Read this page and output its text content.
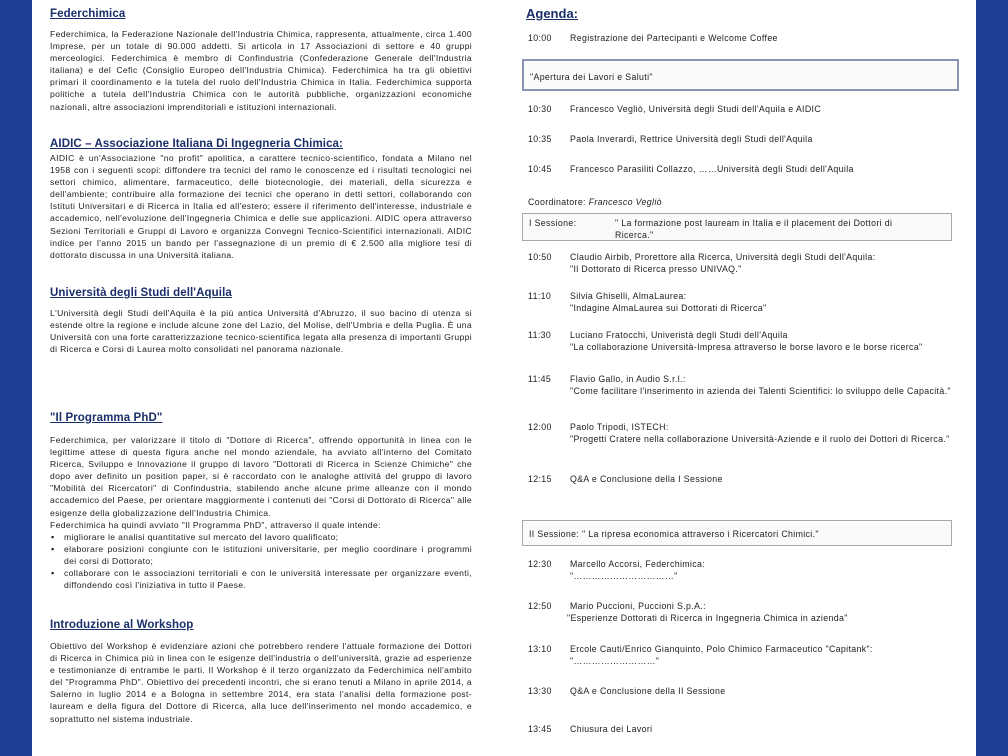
Federchimica
Federchimica, la Federazione Nazionale dell'Industria Chimica, rappresenta, attualmente, circa 1.400 Imprese, per un totale di 90.000 addetti. Si articola in 17 Associazioni di settore e 40 gruppi merceologici. Federchimica è membro di Confindustria (Confederazione Generale dell'Industria italiana) e del Cefic (Consiglio Europeo dell'Industria Chimica). Federchimica ha tra gli obiettivi primari il coordinamento e la tutela del ruolo dell'Industria Chimica in Italia. Federchimica supporta politiche a tutela dell'Industria Chimica con le autorità pubbliche, organizzazioni economiche nazionali, altre associazioni imprenditoriali e istituzioni internazionali.
AIDIC – Associazione Italiana Di Ingegneria Chimica:
AIDIC è un'Associazione "no profit" apolitica, a carattere tecnico-scientifico, fondata a Milano nel 1958 con i seguenti scopi: diffondere tra tecnici del ramo le conoscenze ed i risultati tecnologici nei settori chimico, alimentare, farmaceutico, delle biotecnologie, dei materiali, della sicurezza e dell'ambiente; contribuire alla formazione dei tecnici che operano in detti settori, collaborando con Istituti Universitari e di Ricerca in Italia ed all'estero; essere il riferimento dell'interesse, industriale e accademico, nell'evoluzione dell'Ingegneria Chimica e delle sue applicazioni. AIDIC opera attraverso Sezioni Territoriali e Gruppi di Lavoro e organizza Convegni Tecnico-Scientifici internazionali. AIDIC indice per l'anno 2015 un bando per l'assegnazione di un premio di € 2.500 alla migliore tesi di dottorato discussa in una Università italiana.
Università degli Studi dell'Aquila
L'Università degli Studi dell'Aquila è la più antica Università d'Abruzzo, il suo bacino di utenza si estende oltre la regione e include alcune zone del Lazio, del Molise, dell'Umbria e della Puglia. È una Università con una forte caratterizzazione tecnico-scientifica legata alla presenza di importanti Gruppi di Ricerca e Corsi di Laurea molto consolidati nel panorama nazionale.
"Il Programma PhD"
Federchimica, per valorizzare il titolo di "Dottore di Ricerca", offrendo opportunità in linea con le legittime attese di questa figura anche nel mondo aziendale, ha avviato all'interno del Comitato Ricerca, Sviluppo e Innovazione il gruppo di lavoro "Dottorati di Ricerca in Scienze Chimiche" che dopo aver definito un position paper, si è raccordato con le analoghe attività del gruppo di lavoro "Mobilità dei Ricercatori" di Confindustria, stabilendo anche alcune prime alleanze con il mondo accademico del Paese, per orientare maggiormente i contenuti dei "Corsi di Dottorato di Ricerca" alle esigenze della globalizzazione dell'Industria Chimica.
Federchimica ha quindi avviato "Il Programma PhD", attraverso il quale intende:
▪ migliorare le analisi quantitative sul mercato del lavoro qualificato;
▪ elaborare posizioni congiunte con le istituzioni universitarie, per meglio coordinare i programmi dei corsi di Dottorato;
▪ collaborare con le associazioni territoriali e con le università interessate per organizzare eventi, diffondendo così l'iniziativa in tutto il Paese.
Introduzione al Workshop
Obiettivo del Workshop è evidenziare azioni che potrebbero rendere l'attuale formazione dei Dottori di Ricerca in Chimica più in linea con le esigenze dell'industria o dell'università, grazie ad esperienze e testimonianze di entrambe le parti. Il Workshop è il terzo organizzato da Federchimica nell'ambito del "Programma PhD". Obiettivo dei precedenti incontri, che si erano tenuti a Milano in aprile 2014, a Salerno in luglio 2014 e a Bologna in settembre 2014, era stata l'analisi della formazione post-lauream e della figura del Dottore di Ricerca, alla luce dell'inserimento nel mondo accademico, e soprattutto nel sistema industriale.
Agenda:
10:00	Registrazione dei Partecipanti e Welcome Coffee
"Apertura dei Lavori e Saluti"
10:30	Francesco Vegliò, Università degli Studi dell'Aquila e AIDIC
10:35	Paola Inverardi, Rettrice Università degli Studi dell'Aquila
10:45	Francesco Parasiliti Collazzo, ……Università degli Studi dell'Aquila
Coordinatore: Francesco Vegliò
I Sessione:	" La formazione post lauream in Italia e il placement dei Dottori di Ricerca."
10:50	Claudio Airbib, Prorettore alla Ricerca, Università degli Studi dell'Aquila:
"Il Dottorato di Ricerca presso UNIVAQ."
11:10	Silvia Ghiselli, AlmaLaurea:
"Indagine AlmaLaurea sui Dottorati di Ricerca"
11:30	Luciano Fratocchi, Univeristà degli Studi dell'Aquila
"La collaborazione Università-Impresa attraverso le borse lavoro e le borse ricerca"
11:45	Flavio Gallo, in Audio S.r.l.:
"Come facilitare l'inserimento in azienda dei Talenti Scientifici: lo sviluppo delle Capacità."
12:00	Paolo Tripodi, ISTECH:
"Progetti Cratere nella collaborazione Università-Aziende e il ruolo dei Dottori di Ricerca."
12:15	Q&A e Conclusione della I Sessione
II Sessione: " La ripresa economica attraverso i Ricercatori Chimici."
12:30	Marcello Accorsi, Federchimica:
"……………………………"
12:50	Mario Puccioni, Puccioni S.p.A.:
"Esperienze Dottorati di Ricerca in Ingegneria Chimica in azienda"
13:10	Ercole Cauti/Enrico Gianquinto, Polo Chimico Farmaceutico "Capitank":
"………………………"
13:30	Q&A e Conclusione della II Sessione
13:45	Chiusura dei Lavori
